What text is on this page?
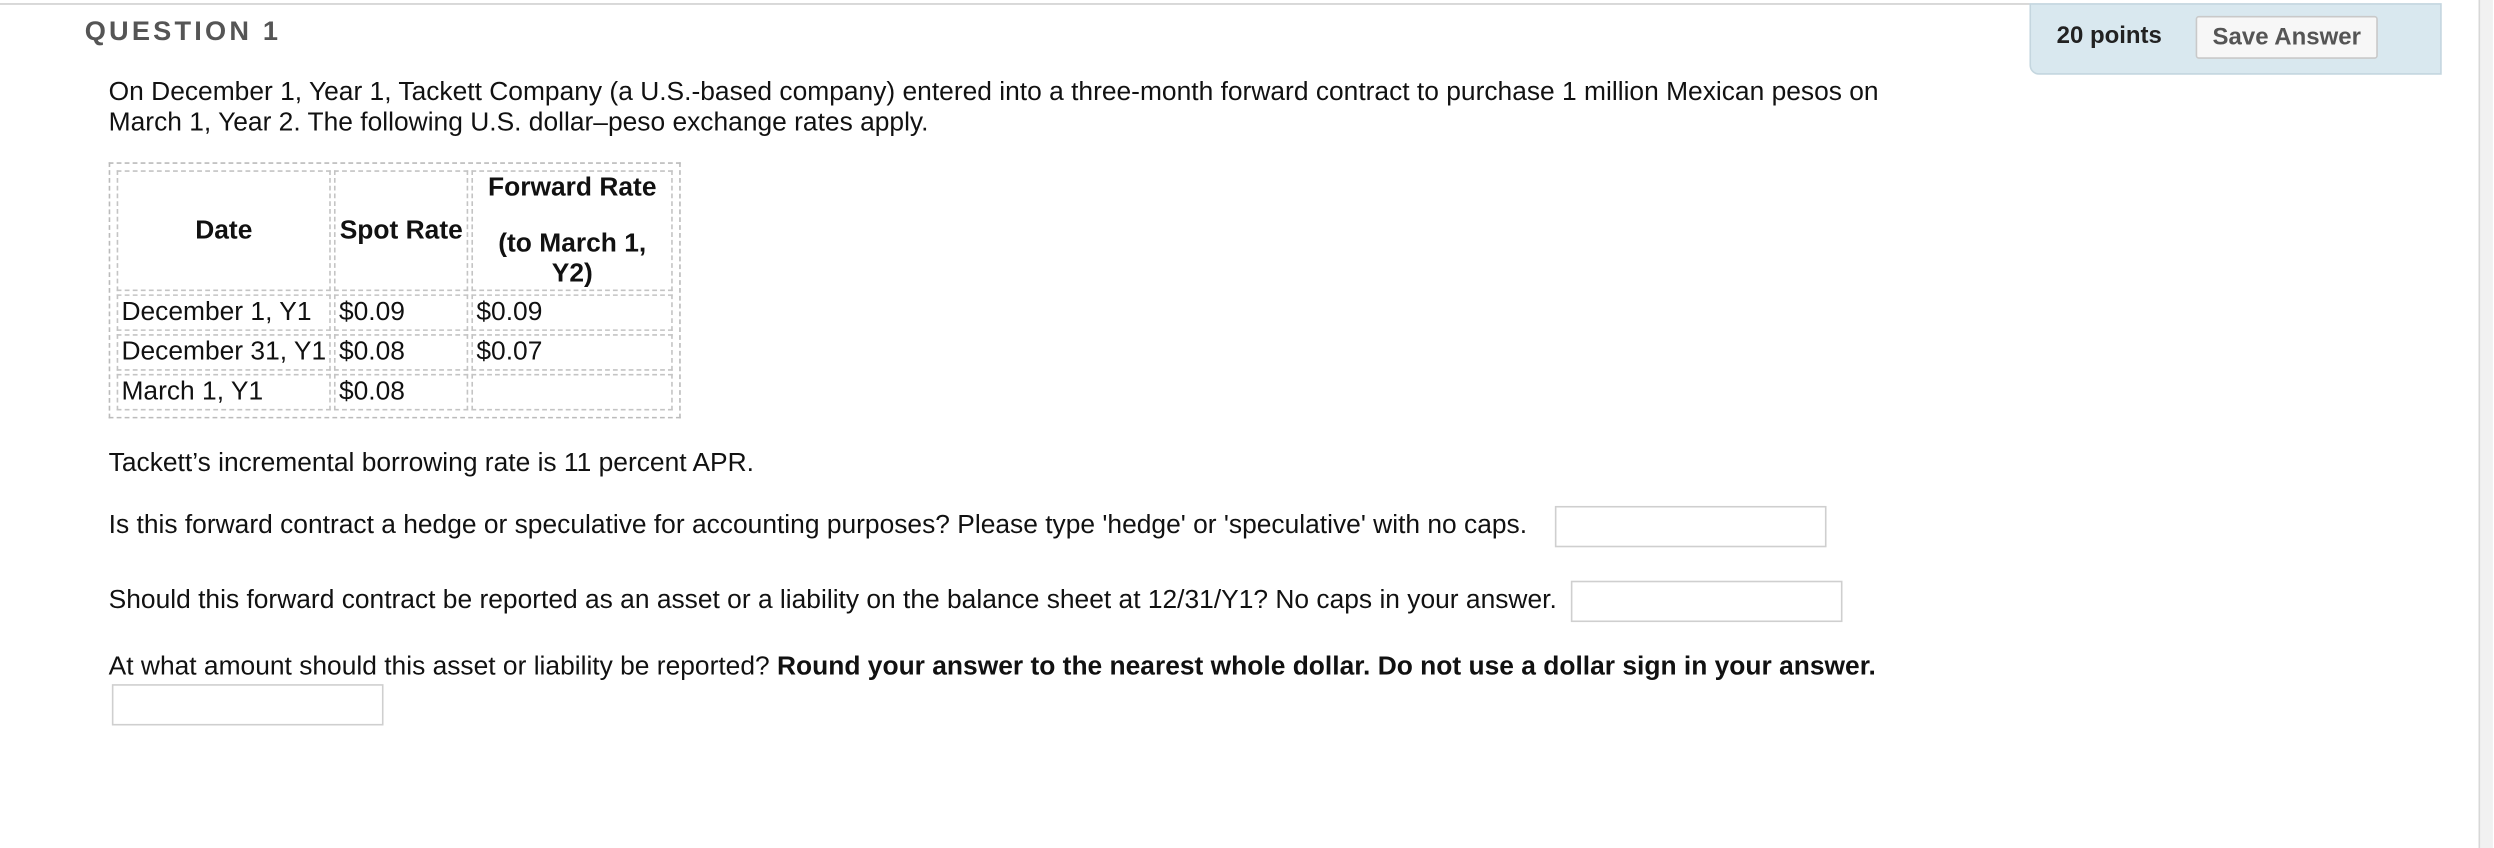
QUESTION 1	20 points	Save Answer
On December 1, Year 1, Tackett Company (a U.S.-based company) entered into a three-month forward contract to purchase 1 million Mexican pesos on March 1, Year 2. The following U.S. dollar–peso exchange rates apply.
Date	Spot Rate	Forward Rate
(to March 1, Y2)
December 1, Y1	$0.09	$0.09
December 31, Y1	$0.08	$0.07
March 1, Y1	$0.08	
Tackett’s incremental borrowing rate is 11 percent APR.
Is this forward contract a hedge or speculative for accounting purposes? Please type 'hedge' or 'speculative' with no caps.
Should this forward contract be reported as an asset or a liability on the balance sheet at 12/31/Y1? No caps in your answer.
At what amount should this asset or liability be reported? Round your answer to the nearest whole dollar. Do not use a dollar sign in your answer.
